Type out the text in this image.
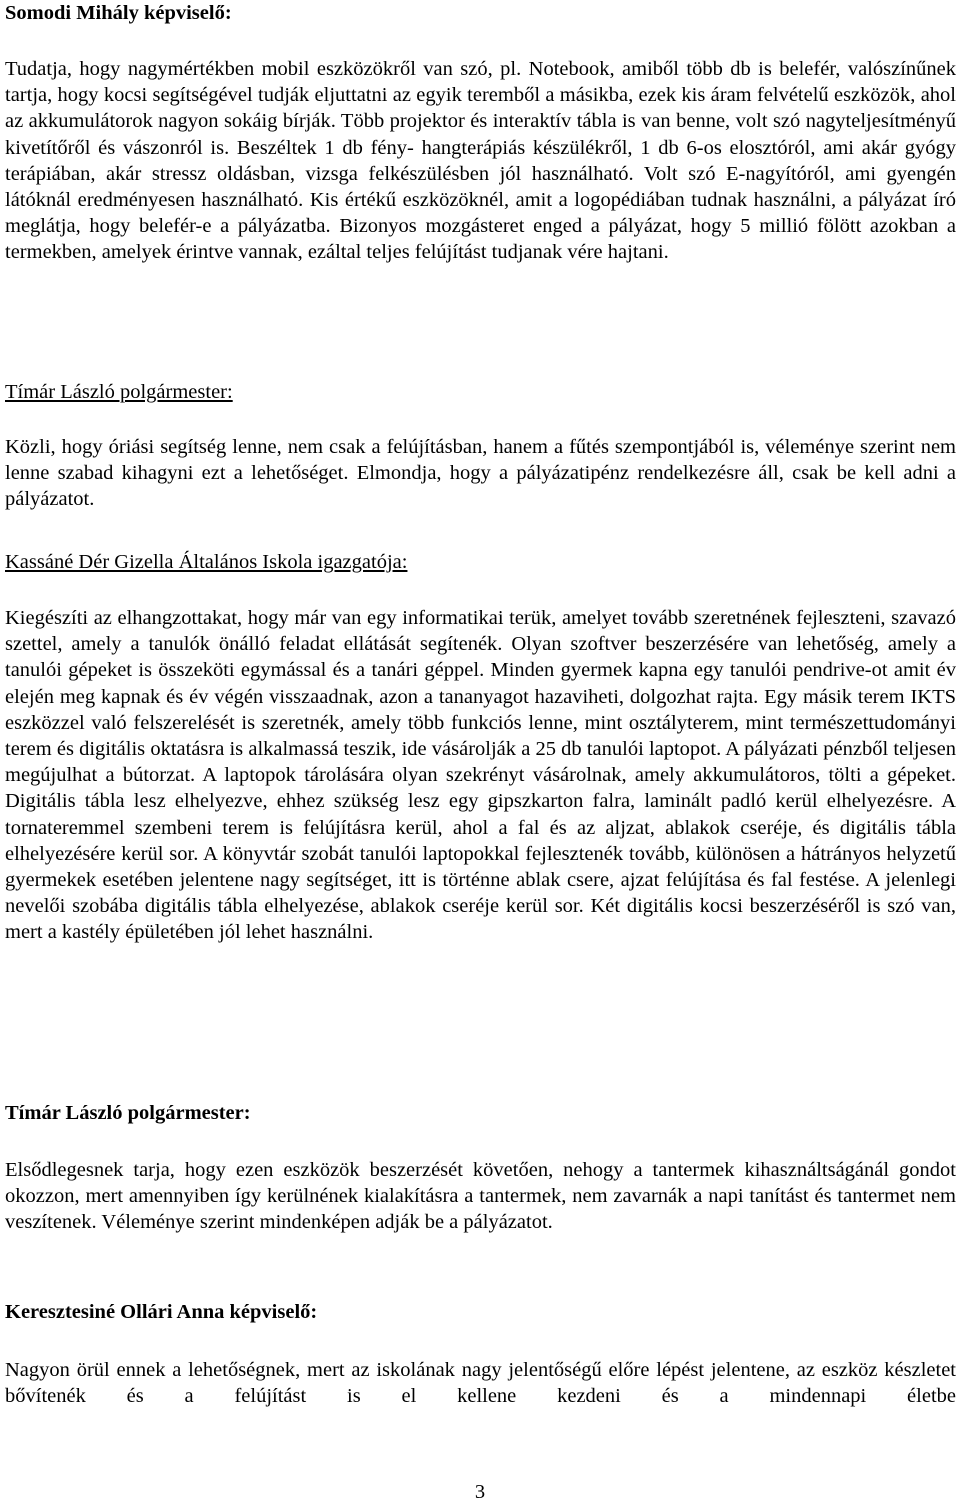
Somodi Mihály képviselő:

Tudatja, hogy nagymértékben mobil eszközökről van szó, pl. Notebook, amiből több db is belefér, valószínűnek tartja, hogy kocsi segítségével tudják eljuttatni az egyik teremből a másikba, ezek kis áram felvételű eszközök, ahol az akkumulátorok nagyon sokáig bírják. Több projektor és interaktív tábla is van benne, volt szó nagyteljesítményű kivetítőről és vászonról is. Beszéltek 1 db fény- hangterápiás készülékről, 1 db 6-os elosztóról, ami akár gyógy terápiában, akár stressz oldásban, vizsga felkészülésben jól használható. Volt szó E-nagyítóról, ami gyengén látóknál eredményesen használható. Kis értékű eszközöknél, amit a logopédiában tudnak használni, a pályázat író meglátja, hogy belefér-e a pályázatba. Bizonyos mozgásteret enged a pályázat, hogy 5 millió fölött azokban a termekben, amelyek érintve vannak, ezáltal teljes felújítást tudjanak vére hajtani.

Tímár László polgármester:

Közli, hogy óriási segítség lenne, nem csak a felújításban, hanem a fűtés szempontjából is, véleménye szerint nem lenne szabad kihagyni ezt a lehetőséget. Elmondja, hogy a pályázatipénz rendelkezésre áll, csak be kell adni a pályázatot.

Kassáné Dér Gizella Általános Iskola igazgatója:

Kiegészíti az elhangzottakat, hogy már van egy informatikai terük, amelyet tovább szeretnének fejleszteni, szavazó szettel, amely a tanulók önálló feladat ellátását segítenék. Olyan szoftver beszerzésére van lehetőség, amely a tanulói gépeket is összeköti egymással és a tanári géppel. Minden gyermek kapna egy tanulói pendrive-ot amit év elején meg kapnak és év végén visszaadnak, azon a tananyagot hazaviheti, dolgozhat rajta. Egy másik terem IKTS eszközzel való felszerelését is szeretnék, amely több funkciós lenne, mint osztályterem, mint természettudományi terem és digitális oktatásra is alkalmassá teszik, ide vásárolják a 25 db tanulói laptopot. A pályázati pénzből teljesen megújulhat a bútorzat. A laptopok tárolására olyan szekrényt vásárolnak, amely akkumulátoros, tölti a gépeket. Digitális tábla lesz elhelyezve, ehhez szükség lesz egy gipszkarton falra, laminált padló kerül elhelyezésre. A tornateremmel szembeni terem is felújításra kerül, ahol a fal és az aljzat, ablakok cseréje, és digitális tábla elhelyezésére kerül sor. A könyvtár szobát tanulói laptopokkal fejlesztenék tovább, különösen a hátrányos helyzetű gyermekek esetében jelentene nagy segítséget, itt is történne ablak csere, ajzat felújítása és fal festése. A jelenlegi nevelői szobába digitális tábla elhelyezése, ablakok cseréje kerül sor. Két digitális kocsi beszerzéséről is szó van, mert a kastély épületében jól lehet használni.

Tímár László polgármester:

Elsődlegesnek tarja, hogy ezen eszközök beszerzését követően, nehogy a tantermek kihasználtságánál gondot okozzon, mert amennyiben így kerülnének kialakításra a tantermek, nem zavarnák a napi tanítást és tantermet nem veszítenek. Véleménye szerint mindenképen adják be a pályázatot.

Keresztesiné Ollári Anna képviselő:

Nagyon örül ennek a lehetőségnek, mert az iskolának nagy jelentőségű előre lépést jelentene, az eszköz készletet bővítenék és a felújítást is el kellene kezdeni és a mindennapi életbe

3
